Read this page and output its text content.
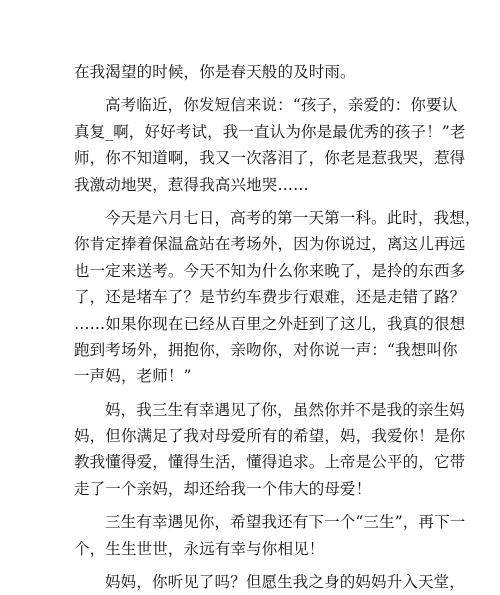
在我渴望的时候，你是春天般的及时雨。
高考临近，你发短信来说：“孩子，亲爱的：你要认
真复_啊，好好考试，我一直认为你是最优秀的孩子！”老
师，你不知道啊，我又一次落泪了，你老是惹我哭，惹得
我激动地哭，惹得我高兴地哭……
今天是六月七日，高考的第一天第一科。此时，我想，
你肯定捧着保温盒站在考场外，因为你说过，离这儿再远
也一定来送考。今天不知为什么你来晚了，是拎的东西多
了，还是堵车了？是节约车费步行艰难，还是走错了路？
……如果你现在已经从百里之外赶到了这儿，我真的很想
跑到考场外，拥抱你，亲吻你，对你说一声：“我想叫你
一声妈，老师！”
妈，我三生有幸遇见了你，虽然你并不是我的亲生妈
妈，但你满足了我对母爱所有的希望，妈，我爱你！是你
教我懂得爱，懂得生活，懂得追求。上帝是公平的，它带
走了一个亲妈，却还给我一个伟大的母爱！
三生有幸遇见你，希望我还有下一个“三生”，再下一
个，生生世世，永远有幸与你相见！
妈妈，你听见了吗？但愿生我之身的妈妈升入天堂，
